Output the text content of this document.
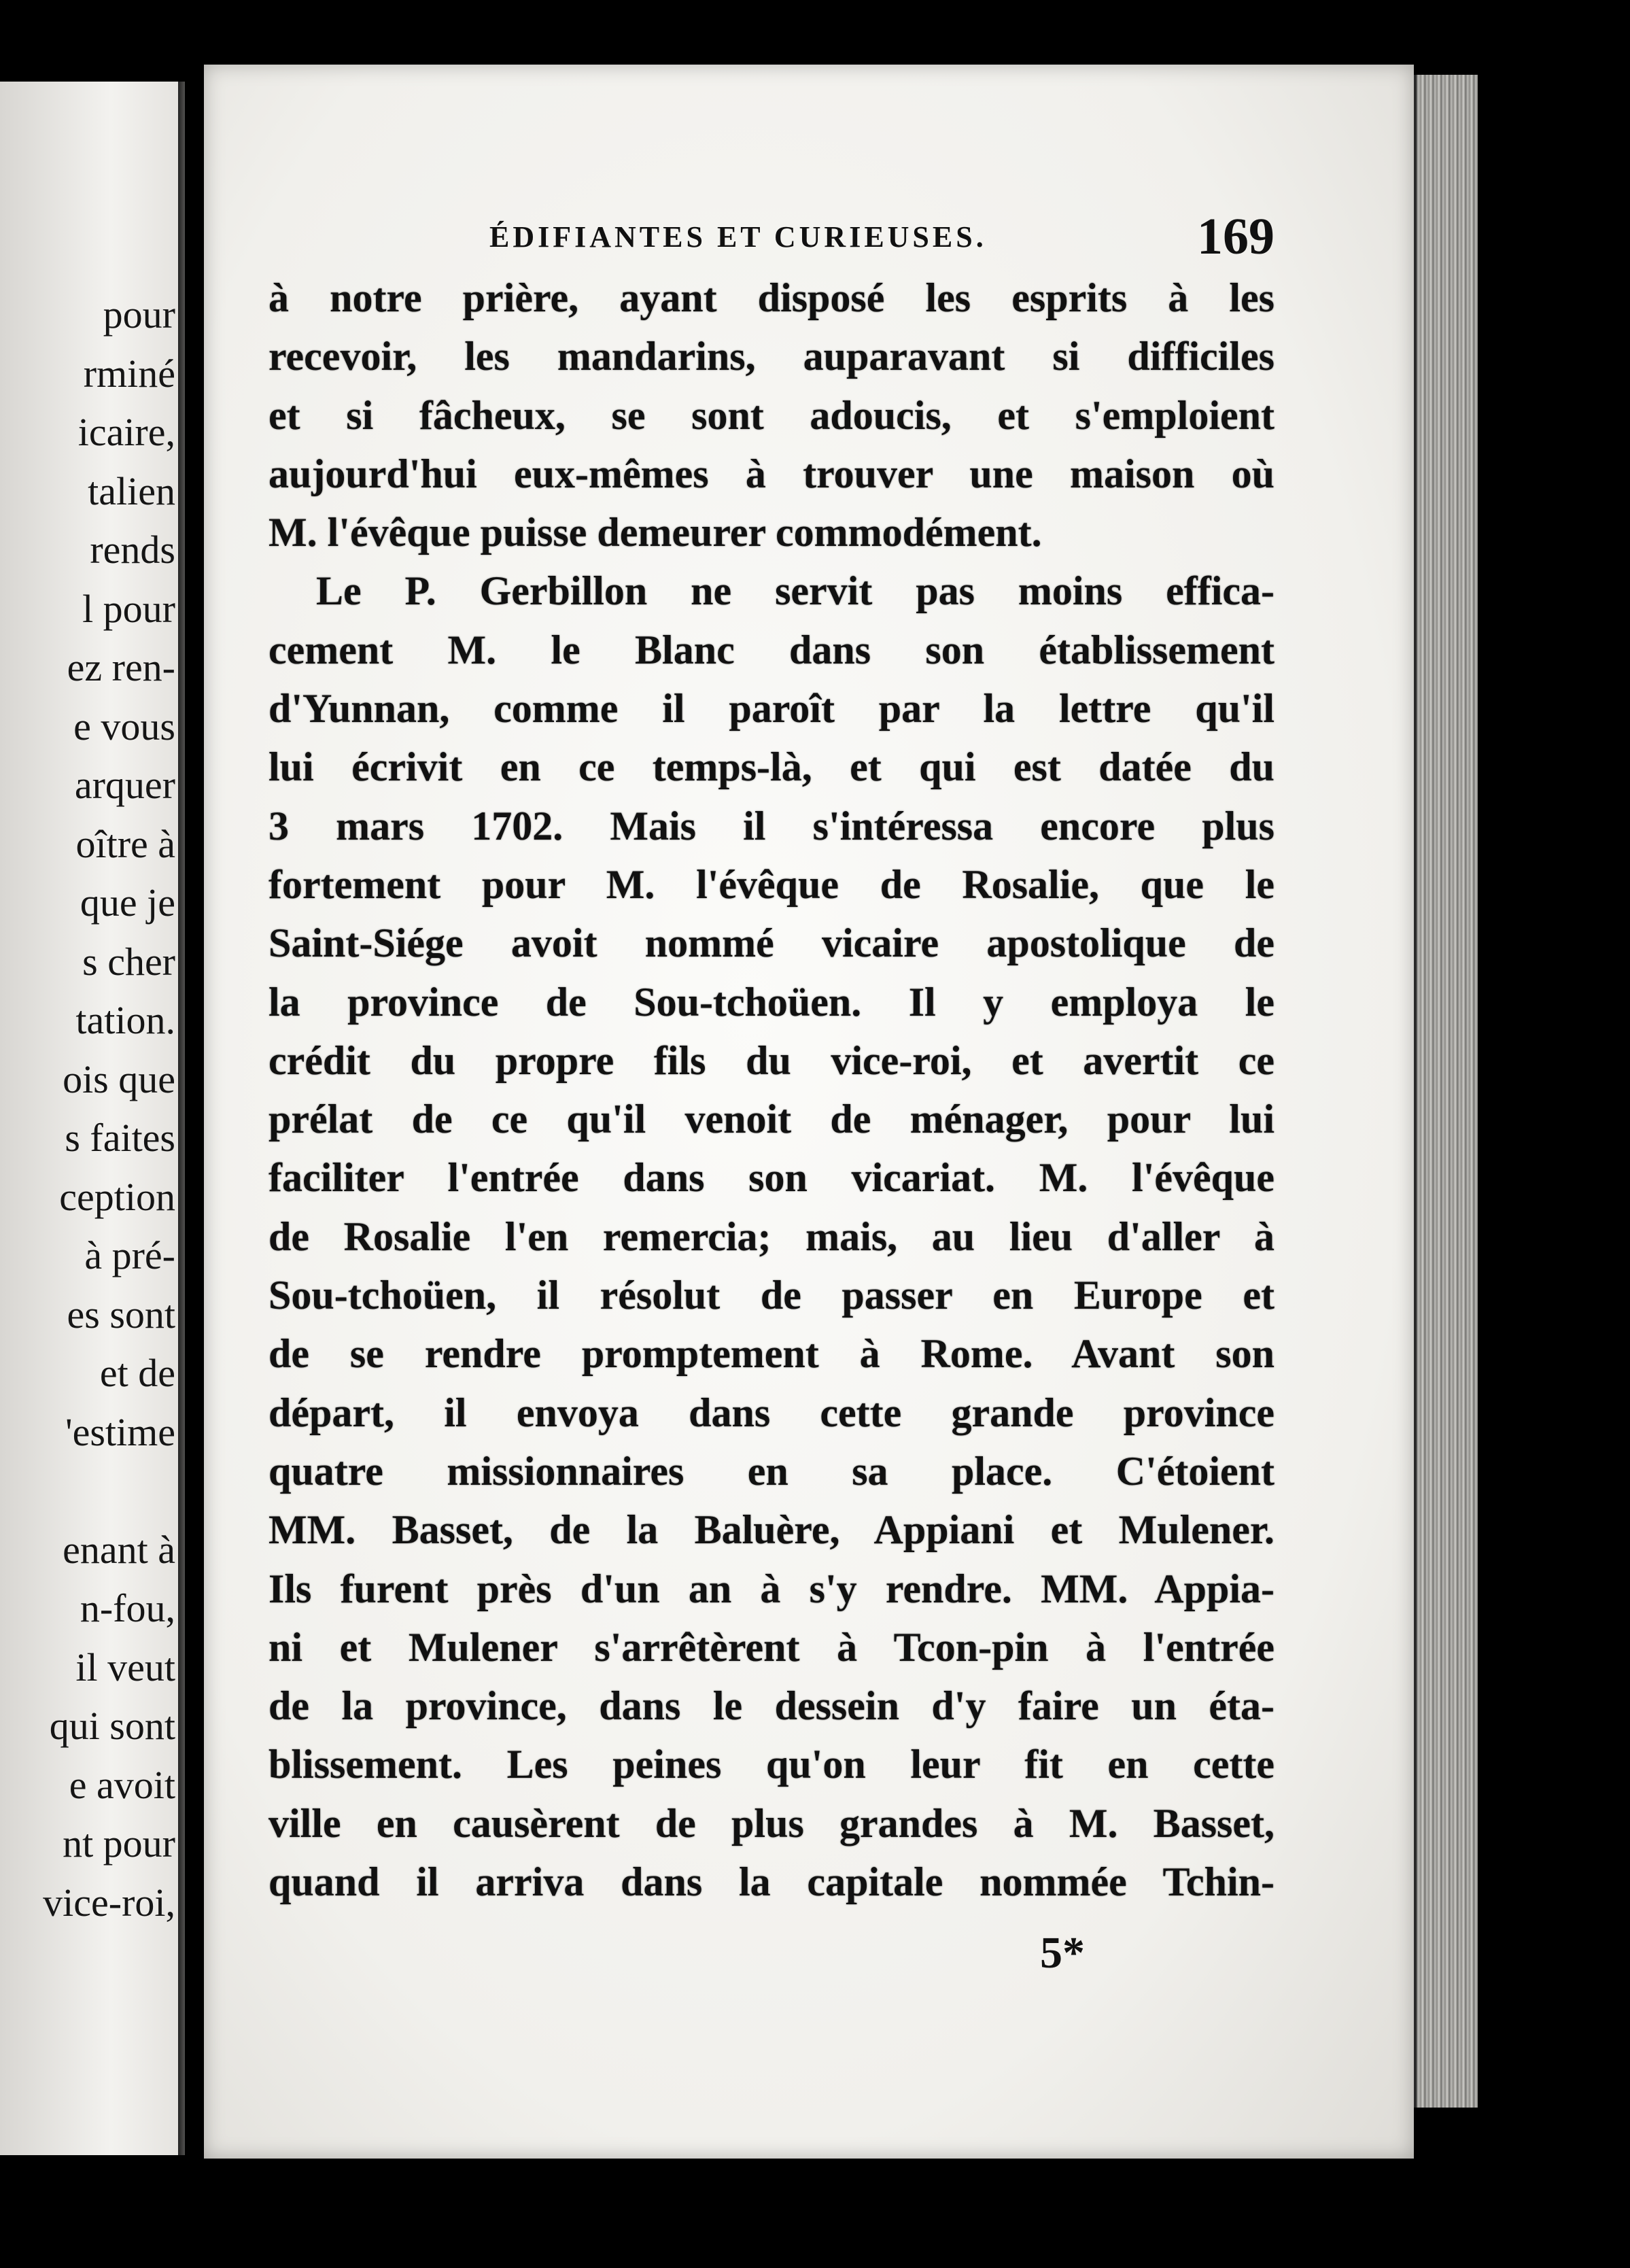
pour
rminé
icaire,
talien
rends
l pour
ez ren-
e vous
arquer
oître à
que je
s cher
tation.
ois que
s faites
ception
à pré-
es sont
et de
'estime
enant à
n-fou,
il veut
qui sont
e avoit
nt pour
vice-roi,
ÉDIFIANTES ET CURIEUSES.	169
à notre prière, ayant disposé les esprits à les
recevoir, les mandarins, auparavant si difficiles
et si fâcheux, se sont adoucis, et s'emploient
aujourd'hui eux-mêmes à trouver une maison où
M. l'évêque puisse demeurer commodément.
Le P. Gerbillon ne servit pas moins effica-
cement M. le Blanc dans son établissement
d'Yunnan, comme il paroît par la lettre qu'il
lui écrivit en ce temps-là, et qui est datée du
3 mars 1702. Mais il s'intéressa encore plus
fortement pour M. l'évêque de Rosalie, que le
Saint-Siége avoit nommé vicaire apostolique de
la province de Sou-tchoüen. Il y employa le
crédit du propre fils du vice-roi, et avertit ce
prélat de ce qu'il venoit de ménager, pour lui
faciliter l'entrée dans son vicariat. M. l'évêque
de Rosalie l'en remercia; mais, au lieu d'aller à
Sou-tchoüen, il résolut de passer en Europe et
de se rendre promptement à Rome. Avant son
départ, il envoya dans cette grande province
quatre missionnaires en sa place. C'étoient
MM. Basset, de la Baluère, Appiani et Mulener.
Ils furent près d'un an à s'y rendre. MM. Appia-
ni et Mulener s'arrêtèrent à Tcon-pin à l'entrée
de la province, dans le dessein d'y faire un éta-
blissement. Les peines qu'on leur fit en cette
ville en causèrent de plus grandes à M. Basset,
quand il arriva dans la capitale nommée Tchin-
5*
